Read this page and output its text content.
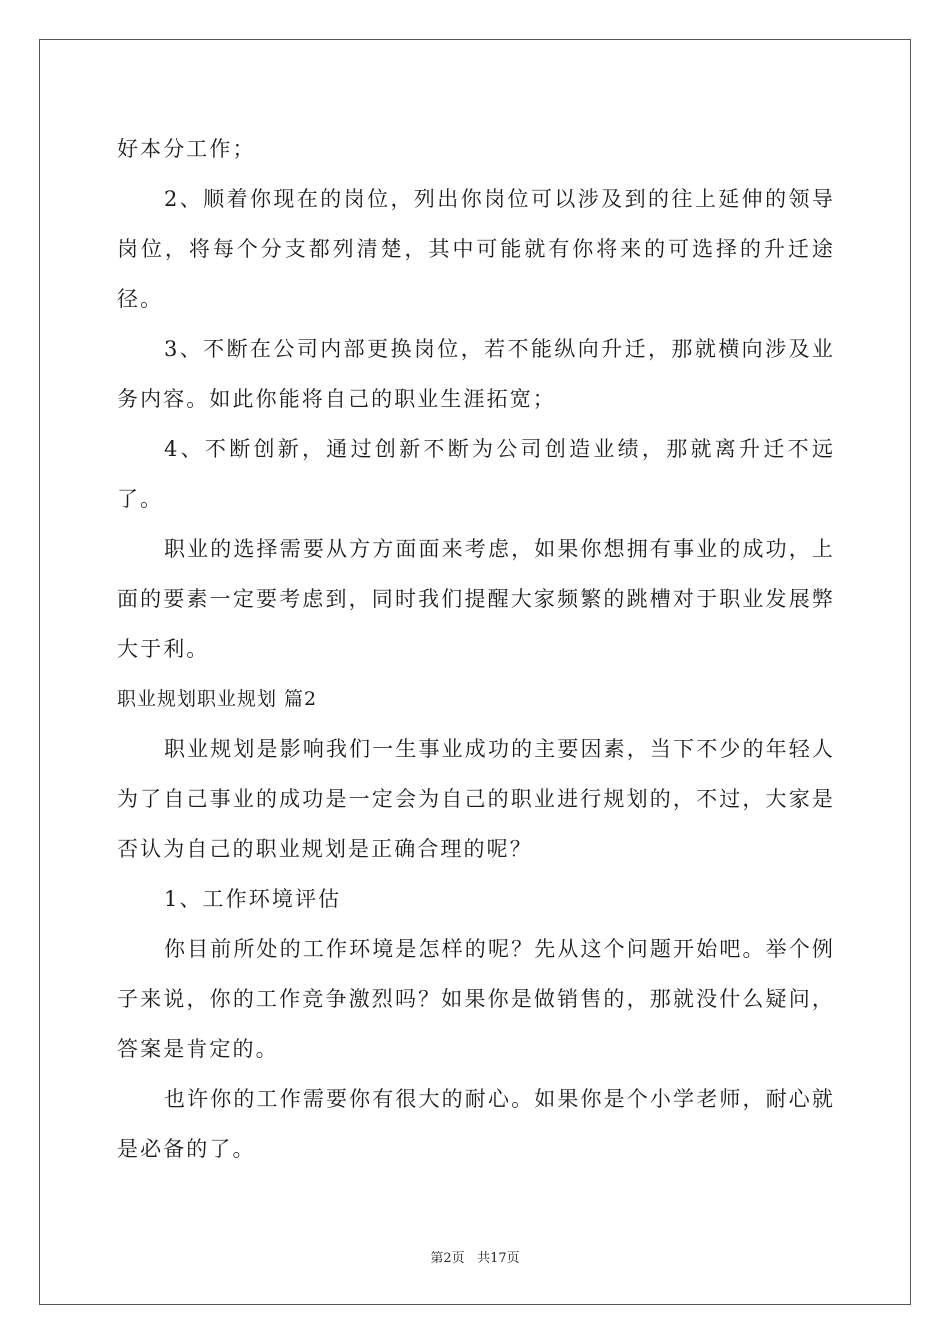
好本分工作；

2、顺着你现在的岗位，列出你岗位可以涉及到的往上延伸的领导岗位，将每个分支都列清楚，其中可能就有你将来的可选择的升迁途径。

3、不断在公司内部更换岗位，若不能纵向升迁，那就横向涉及业务内容。如此你能将自己的职业生涯拓宽；

4、不断创新，通过创新不断为公司创造业绩，那就离升迁不远了。

职业的选择需要从方方面面来考虑，如果你想拥有事业的成功，上面的要素一定要考虑到，同时我们提醒大家频繁的跳槽对于职业发展弊大于利。

职业规划职业规划 篇2

职业规划是影响我们一生事业成功的主要因素，当下不少的年轻人为了自己事业的成功是一定会为自己的职业进行规划的，不过，大家是否认为自己的职业规划是正确合理的呢？

1、工作环境评估

你目前所处的工作环境是怎样的呢？先从这个问题开始吧。举个例子来说，你的工作竞争激烈吗？如果你是做销售的，那就没什么疑问，答案是肯定的。

也许你的工作需要你有很大的耐心。如果你是个小学老师，耐心就是必备的了。

第2页 共17页
